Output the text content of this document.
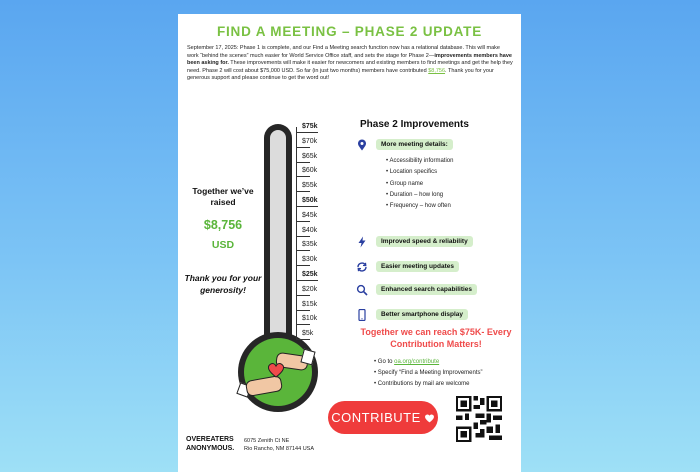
FIND A MEETING – PHASE 2 UPDATE
September 17, 2025: Phase 1 is complete, and our Find a Meeting search function now has a relational database. This will make work “behind the scenes” much easier for World Service Office staff, and sets the stage for Phase 2—improvements members have been asking for. These improvements will make it easier for newcomers and existing members to find meetings and get the help they need. Phase 2 will cost about $75,000 USD. So far (in just two months) members have contributed $8,756. Thank you for your generous support and please continue to get the word out!
$75k
$70k
$65k
$60k
$55k
$50k
$45k
$40k
$35k
$30k
$25k
$20k
$15k
$10k
$5k
Together we’ve raised
$8,756
USD
Thank you for your generosity!
Phase 2 Improvements
More meeting details:
• Accessibility information
• Location specifics
• Group name
• Duration – how long
• Frequency – how often
Improved speed & reliability
Easier meeting updates
Enhanced search capabilities
Better smartphone display
Together we can reach $75K- Every Contribution Matters!
• Go to oa.org/contribute
• Specify “Find a Meeting Improvements”
• Contributions by mail are welcome
CONTRIBUTE
OVEREATERS
ANONYMOUS.
6075 Zenith Ct NE
Rio Rancho, NM 87144 USA
